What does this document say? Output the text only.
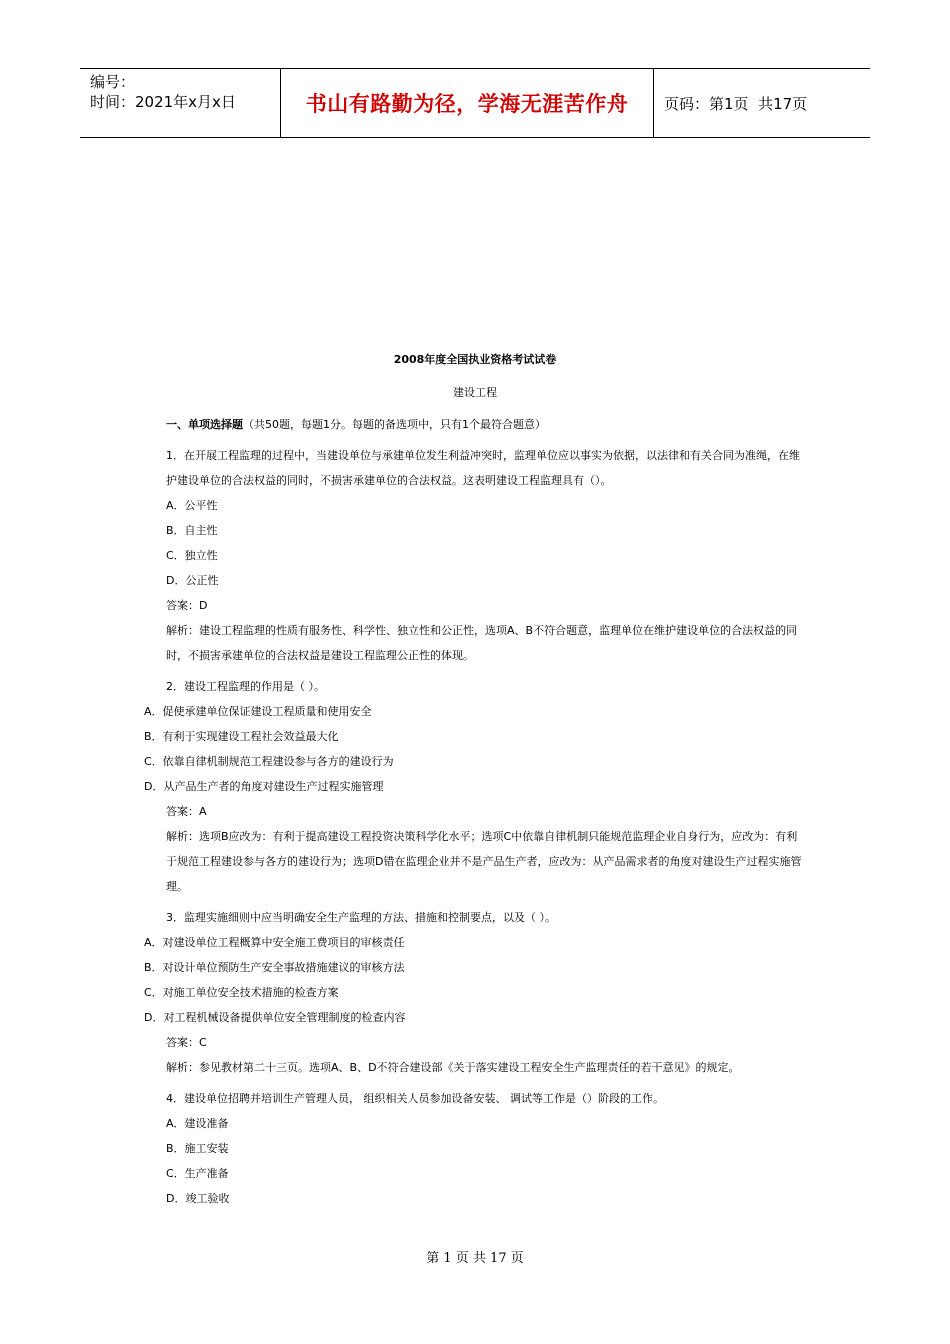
编号：
时间：2021年x月x日	书山有路勤为径，学海无涯苦作舟	页码：第1页  共17页
2008年度全国执业资格考试试卷
建设工程

一、单项选择题（共50题，每题1分。每题的备选项中，只有1个最符合题意）

1．在开展工程监理的过程中，当建设单位与承建单位发生利益冲突时，监理单位应以事实为依据，以法律和有关合同为准绳，在维护建设单位的合法权益的同时，不损害承建单位的合法权益。这表明建设工程监理具有（）。

A．公平性

B．自主性

C．独立性

D．公正性

答案：D

解析：建设工程监理的性质有服务性、科学性、独立性和公正性，选项A、B不符合题意，监理单位在维护建设单位的合法权益的同时，不损害承建单位的合法权益是建设工程监理公正性的体现。

2．建设工程监理的作用是（ ）。

A．促使承建单位保证建设工程质量和使用安全

B．有利于实现建设工程社会效益最大化

C．依靠自律机制规范工程建设参与各方的建设行为

D．从产品生产者的角度对建设生产过程实施管理

答案：A

解析：选项B应改为：有利于提高建设工程投资决策科学化水平；选项C中依靠自律机制只能规范监理企业自身行为，应改为：有利于规范工程建设参与各方的建设行为；选项D错在监理企业并不是产品生产者，应改为：从产品需求者的角度对建设生产过程实施管理。

3．监理实施细则中应当明确安全生产监理的方法、措施和控制要点，以及（ ）。

A．对建设单位工程概算中安全施工费项目的审核责任

B．对设计单位预防生产安全事故措施建议的审核方法

C．对施工单位安全技术措施的检查方案

D．对工程机械设备提供单位安全管理制度的检查内容

答案：C

解析：参见教材第二十三页。选项A、B、D不符合建设部《关于落实建设工程安全生产监理责任的若干意见》的规定。

4．建设单位招聘并培训生产管理人员， 组织相关人员参加设备安装、 调试等工作是（）阶段的工作。

A．建设准备

B．施工安装

C．生产准备

D．竣工验收

第 1 页 共 17 页
